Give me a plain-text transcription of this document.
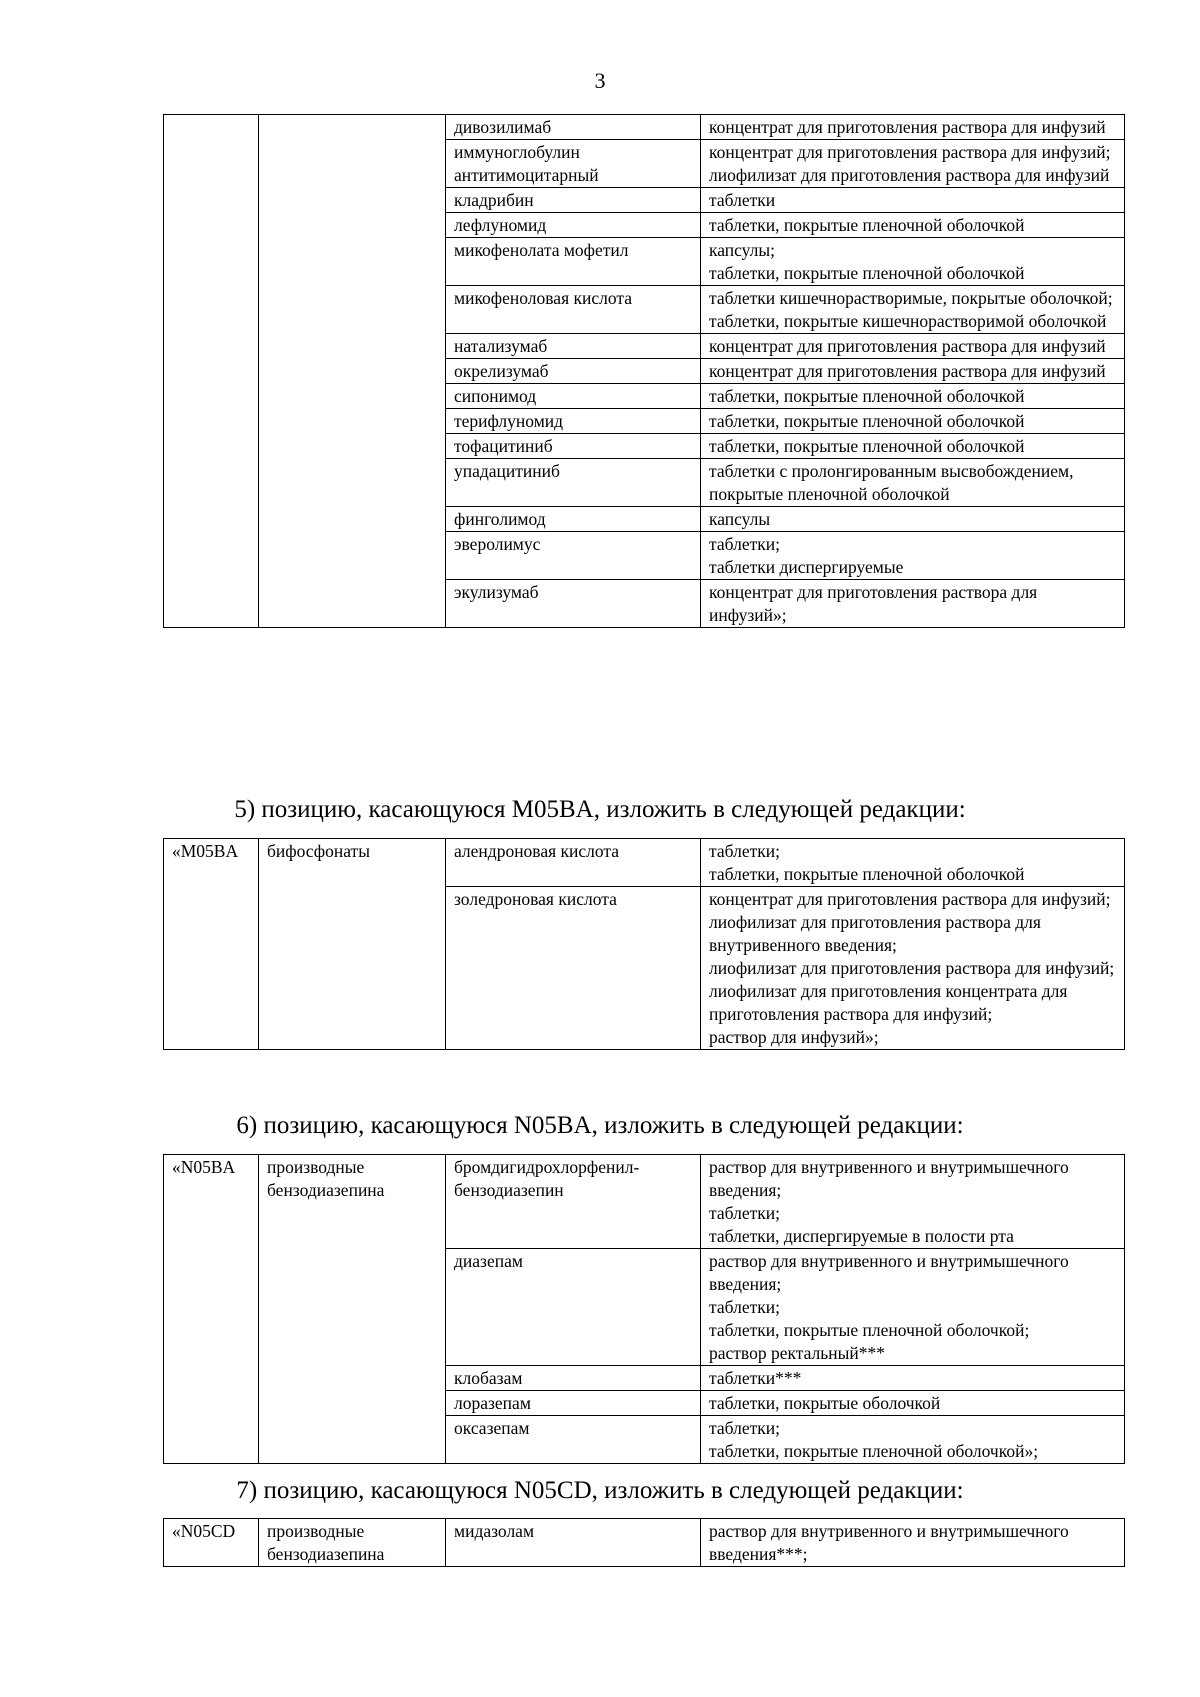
3
		дивозилимаб	концентрат для приготовления раствора для инфузий

		иммуноглобулин антитимоцитарный	концентрат для приготовления раствора для инфузий;
лиофилизат для приготовления раствора для инфузий

		кладрибин	таблетки

		лефлуномид	таблетки, покрытые пленочной оболочкой

		микофенолата мофетил	капсулы;
таблетки, покрытые пленочной оболочкой

		микофеноловая кислота	таблетки кишечнорастворимые, покрытые оболочкой;
таблетки, покрытые кишечнорастворимой оболочкой

		натализумаб	концентрат для приготовления раствора для инфузий

		окрелизумаб	концентрат для приготовления раствора для инфузий

		сипонимод	таблетки, покрытые пленочной оболочкой

		терифлуномид	таблетки, покрытые пленочной оболочкой

		тофацитиниб	таблетки, покрытые пленочной оболочкой

		упадацитиниб	таблетки с пролонгированным высвобождением, покрытые пленочной оболочкой

		финголимод	капсулы

		эверолимус	таблетки;
таблетки диспергируемые

		экулизумаб	концентрат для приготовления раствора для инфузий»;
5) позицию, касающуюся M05BA, изложить в следующей редакции:
«M05BA	бифосфонаты	алендроновая кислота	таблетки;
таблетки, покрытые пленочной оболочкой

		золедроновая кислота	концентрат для приготовления раствора для инфузий;
лиофилизат для приготовления раствора для внутривенного введения;
лиофилизат для приготовления раствора для инфузий;
лиофилизат для приготовления концентрата для приготовления раствора для инфузий;
раствор для инфузий»;
6) позицию, касающуюся N05BA, изложить в следующей редакции:
«N05BA	производные бензодиазепина	бромдигидрохлорфенил-бензодиазепин	раствор для внутривенного и внутримышечного введения;
таблетки;
таблетки, диспергируемые в полости рта

		диазепам	раствор для внутривенного и внутримышечного введения;
таблетки;
таблетки, покрытые пленочной оболочкой;
раствор ректальный***

		клобазам	таблетки***

		лоразепам	таблетки, покрытые оболочкой

		оксазепам	таблетки;
таблетки, покрытые пленочной оболочкой»;
7) позицию, касающуюся N05CD, изложить в следующей редакции:
«N05CD	производные бензодиазепина	мидазолам	раствор для внутривенного и внутримышечного введения***;
